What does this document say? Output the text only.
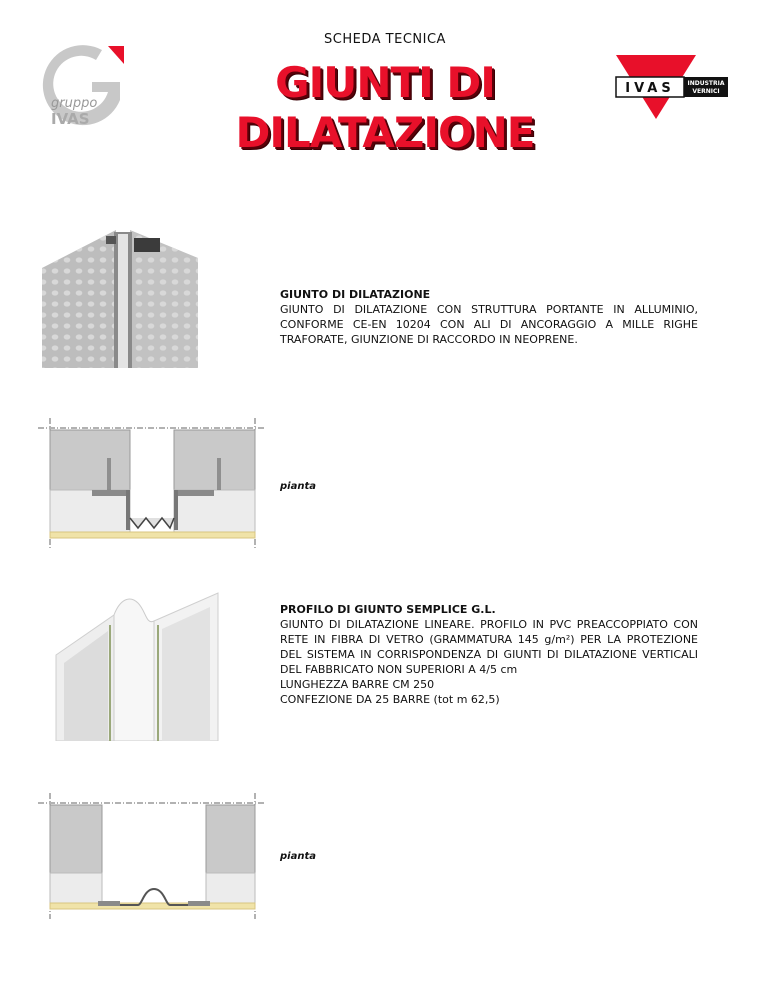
SCHEDA TECNICA
GIUNTI DI
DILATAZIONE
gruppo
IVAS
IVAS INDUSTRIA
VERNICI
GIUNTO DI DILATAZIONE

GIUNTO DI DILATAZIONE CON STRUTTURA PORTANTE IN ALLUMINIO, CONFORME CE-EN 10204 CON ALI DI ANCORAGGIO A MILLE RIGHE TRAFORATE, GIUNZIONE DI RACCORDO IN NEOPRENE.

pianta
PROFILO DI GIUNTO SEMPLICE G.L.

GIUNTO DI DILATAZIONE LINEARE. PROFILO IN PVC PREACCOPPIATO CON RETE IN FIBRA DI VETRO (GRAMMATURA 145 g/m²) PER LA PROTEZIONE DEL SISTEMA IN CORRISPONDENZA DI GIUNTI DI DILATAZIONE VERTICALI DEL FABBRICATO NON SUPERIORI A 4/5 cm

LUNGHEZZA BARRE CM 250
CONFEZIONE DA 25 BARRE (tot m 62,5)
pianta
